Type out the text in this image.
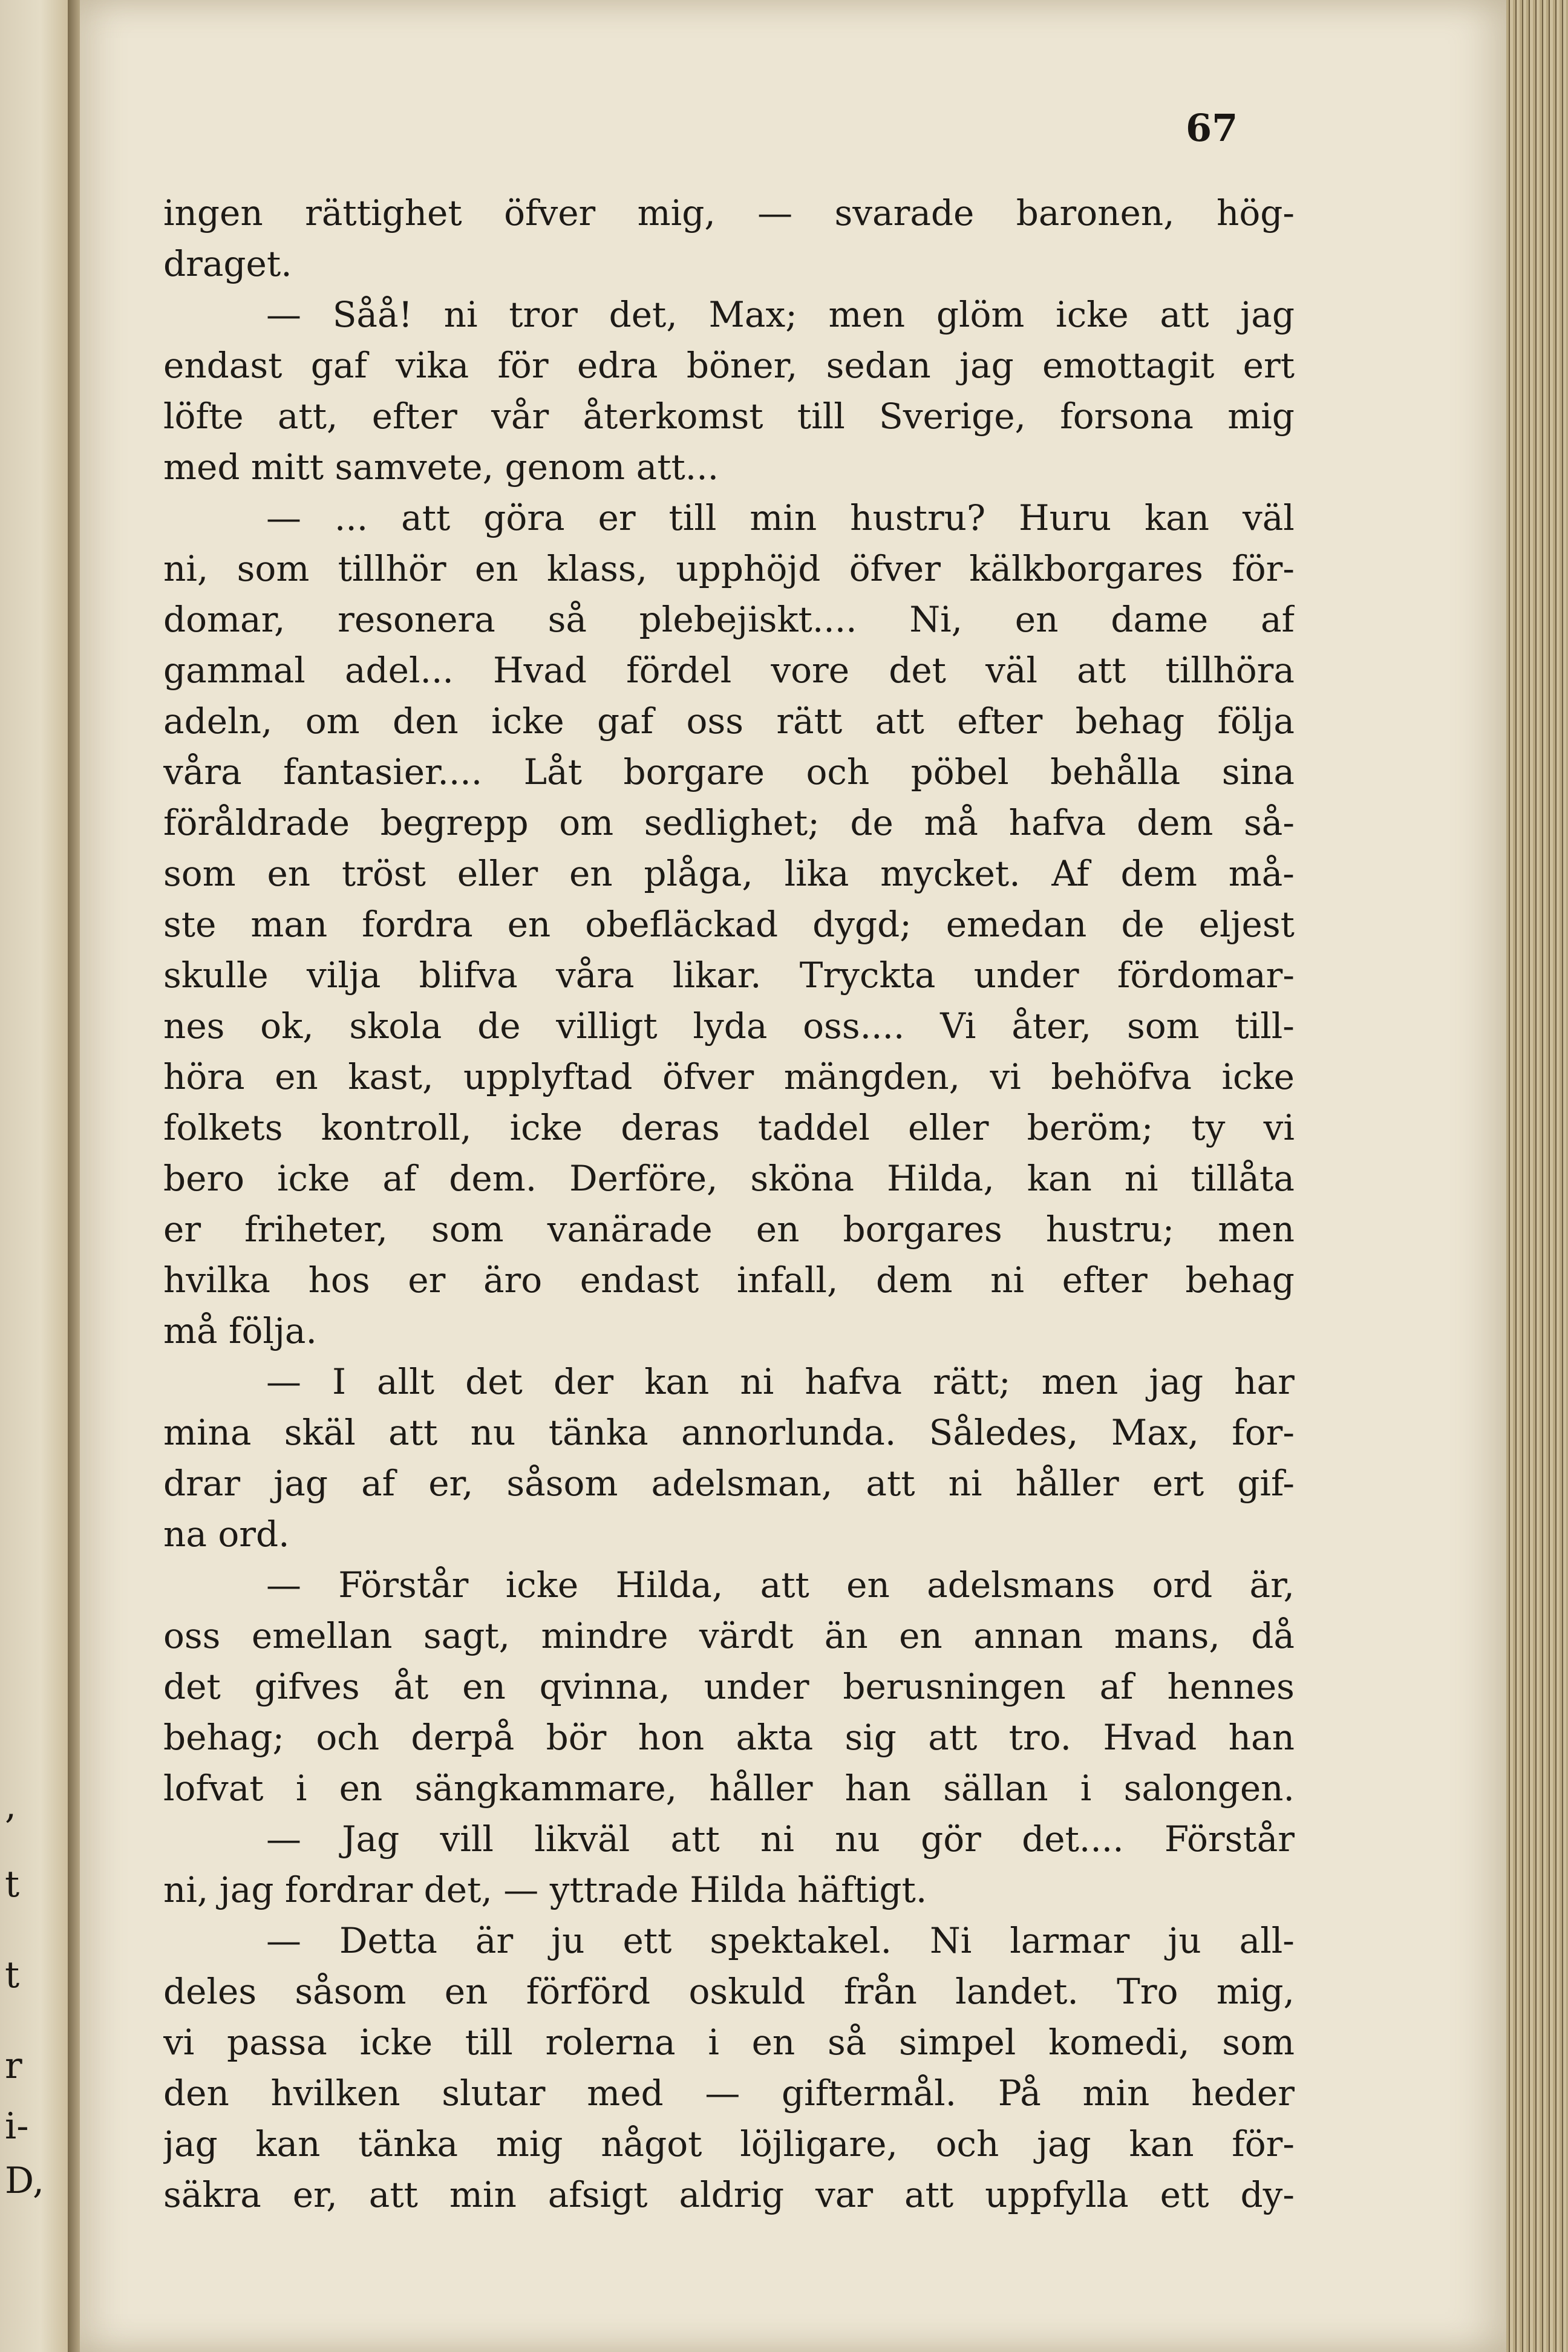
,
t
t
r
i-
D,
67
ingen rättighet öfver mig, — svarade baronen, hög-
draget.
— Såå! ni tror det, Max; men glöm icke att jag
endast gaf vika för edra böner, sedan jag emottagit ert
löfte att, efter vår återkomst till Sverige, forsona mig
med mitt samvete, genom att...
— ... att göra er till min hustru? Huru kan väl
ni, som tillhör en klass, upphöjd öfver kälkborgares för-
domar, resonera så plebejiskt.... Ni, en dame af
gammal adel... Hvad fördel vore det väl att tillhöra
adeln, om den icke gaf oss rätt att efter behag följa
våra fantasier.... Låt borgare och pöbel behålla sina
föråldrade begrepp om sedlighet; de må hafva dem så-
som en tröst eller en plåga, lika mycket. Af dem må-
ste man fordra en obefläckad dygd; emedan de eljest
skulle vilja blifva våra likar. Tryckta under fördomar-
nes ok, skola de villigt lyda oss.... Vi åter, som till-
höra en kast, upplyftad öfver mängden, vi behöfva icke
folkets kontroll, icke deras taddel eller beröm; ty vi
bero icke af dem. Derföre, sköna Hilda, kan ni tillåta
er friheter, som vanärade en borgares hustru; men
hvilka hos er äro endast infall, dem ni efter behag
må följa.
— I allt det der kan ni hafva rätt; men jag har
mina skäl att nu tänka annorlunda. Således, Max, for-
drar jag af er, såsom adelsman, att ni håller ert gif-
na ord.
— Förstår icke Hilda, att en adelsmans ord är,
oss emellan sagt, mindre värdt än en annan mans, då
det gifves åt en qvinna, under berusningen af hennes
behag; och derpå bör hon akta sig att tro. Hvad han
lofvat i en sängkammare, håller han sällan i salongen.
— Jag vill likväl att ni nu gör det.... Förstår
ni, jag fordrar det, — yttrade Hilda häftigt.
— Detta är ju ett spektakel. Ni larmar ju all-
deles såsom en förförd oskuld från landet. Tro mig,
vi passa icke till rolerna i en så simpel komedi, som
den hvilken slutar med — giftermål. På min heder
jag kan tänka mig något löjligare, och jag kan för-
säkra er, att min afsigt aldrig var att uppfylla ett dy-
